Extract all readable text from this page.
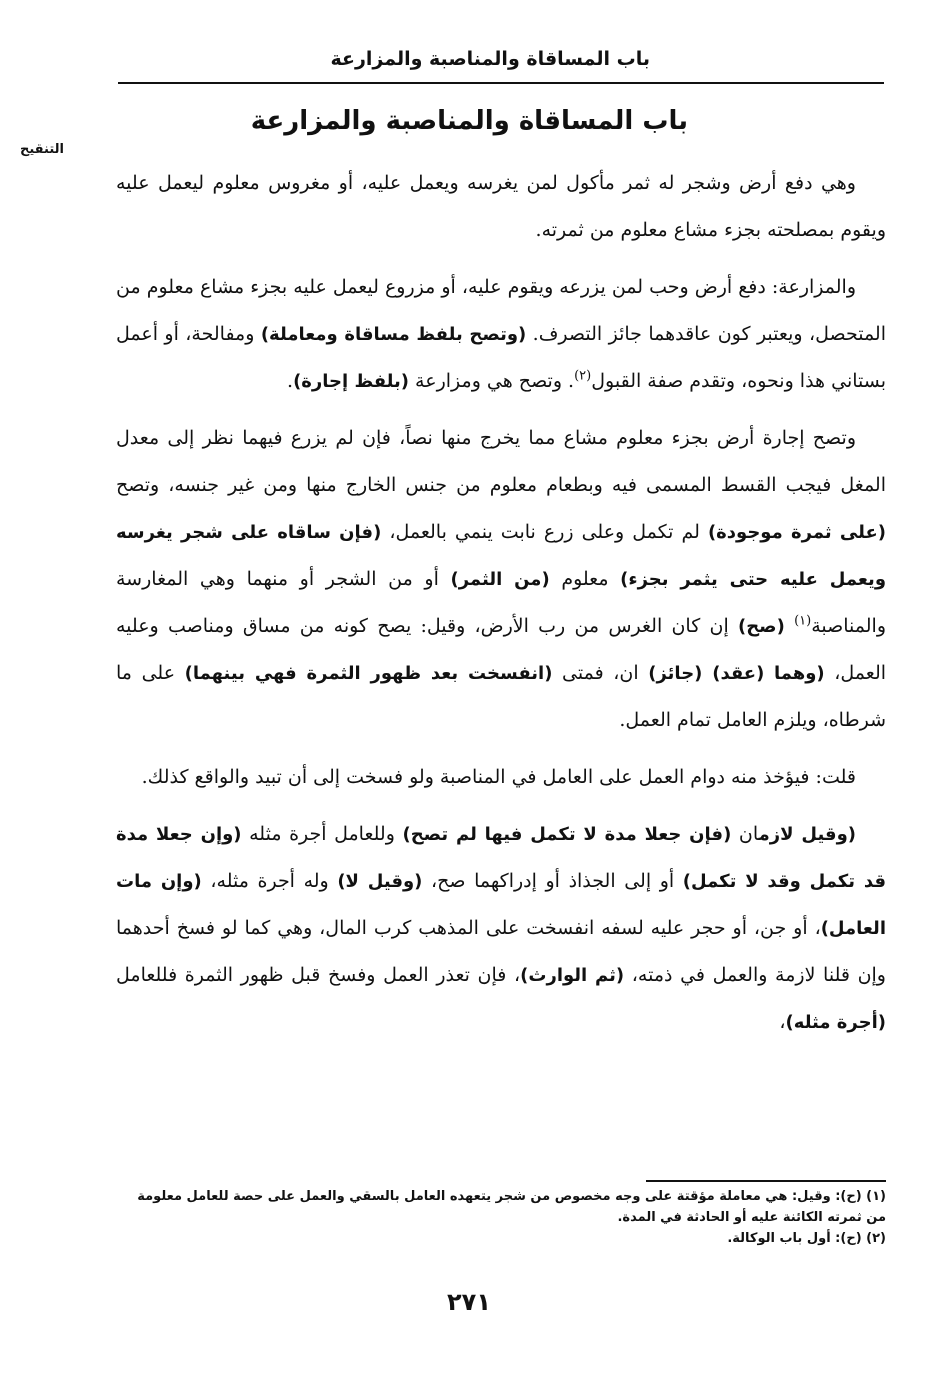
باب المساقاة والمناصبة والمزارعة
التنقيح
باب المساقاة والمناصبة والمزارعة

وهي دفع أرض وشجر له ثمر مأكول لمن يغرسه ويعمل عليه، أو مغروس معلوم ليعمل عليه ويقوم بمصلحته بجزء مشاع معلوم من ثمرته.

والمزارعة: دفع أرض وحب لمن يزرعه ويقوم عليه، أو مزروع ليعمل عليه بجزء مشاع معلوم من المتحصل، ويعتبر كون عاقدهما جائز التصرف. (وتصح بلفظ مساقاة ومعاملة) ومفالحة، أو أعمل بستاني هذا ونحوه، وتقدم صفة القبول$^{(٢)}$. وتصح هي ومزارعة (بلفظ إجارة).

وتصح إجارة أرض بجزء معلوم مشاع مما يخرج منها نصاً، فإن لم يزرع فيهما نظر إلى معدل المغل فيجب القسط المسمى فيه وبطعام معلوم من جنس الخارج منها ومن غير جنسه، وتصح (على ثمرة موجودة) لم تكمل وعلى زرع نابت ينمي بالعمل، (فإن ساقاه على شجر يغرسه ويعمل عليه حتى يثمر بجزء) معلوم (من الثمر) أو من الشجر أو منهما وهي المغارسة والمناصبة$^{(١)}$ (صح) إن كان الغرس من رب الأرض، وقيل: يصح كونه من مساق ومناصب وعليه العمل، (وهما (عقد) (جائز) ان، فمتى (انفسخت بعد ظهور الثمرة فهي بينهما) على ما شرطاه، ويلزم العامل تمام العمل.

قلت: فيؤخذ منه دوام العمل على العامل في المناصبة ولو فسخت إلى أن تبيد والواقع كذلك.

(وقيل لازمان (فإن جعلا مدة لا تكمل فيها لم تصح) وللعامل أجرة مثله (وإن جعلا مدة قد تكمل وقد لا تكمل) أو إلى الجذاذ أو إدراكهما صح، (وقيل لا) وله أجرة مثله، (وإن مات العامل)، أو جن، أو حجر عليه لسفه انفسخت على المذهب كرب المال، وهي كما لو فسخ أحدهما وإن قلنا لازمة والعمل في ذمته، (ثم الوارث)، فإن تعذر العمل وفسخ قبل ظهور الثمرة فللعامل (أجرة مثله)،

(١) (ح): وقيل: هي معاملة مؤقتة على وجه مخصوص من شجر يتعهده العامل بالسقي والعمل على حصة للعامل معلومة من ثمرته الكائنة عليه أو الحادثة في المدة.

(٢) (ح): أول باب الوكالة.

٢٧١
